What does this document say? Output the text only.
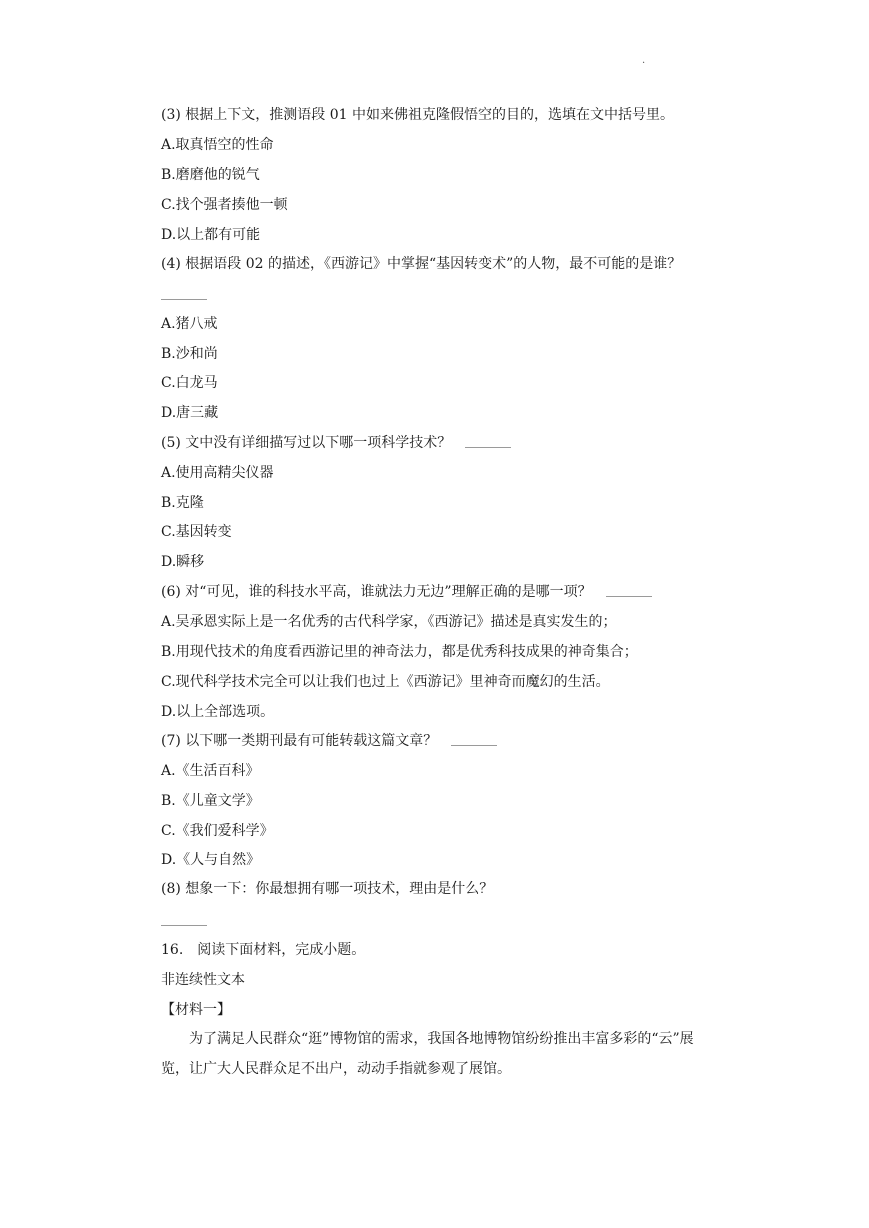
.
(3) 根据上下文，推测语段 01 中如来佛祖克隆假悟空的目的，选填在文中括号里。
A.取真悟空的性命
B.磨磨他的锐气
C.找个强者揍他一顿
D.以上都有可能
(4) 根据语段 02 的描述，《西游记》中掌握“基因转变术”的人物，最不可能的是谁？
A.猪八戒
B.沙和尚
C.白龙马
D.唐三藏
(5) 文中没有详细描写过以下哪一项科学技术？
A.使用高精尖仪器
B.克隆
C.基因转变
D.瞬移
(6) 对“可见，谁的科技水平高，谁就法力无边”理解正确的是哪一项？
A.吴承恩实际上是一名优秀的古代科学家，《西游记》描述是真实发生的；
B.用现代技术的角度看西游记里的神奇法力，都是优秀科技成果的神奇集合；
C.现代科学技术完全可以让我们也过上《西游记》里神奇而魔幻的生活。
D.以上全部选项。
(7) 以下哪一类期刊最有可能转载这篇文章？
A.《生活百科》
B.《儿童文学》
C.《我们爱科学》
D.《人与自然》
(8) 想象一下：你最想拥有哪一项技术，理由是什么？
16.　阅读下面材料，完成小题。
非连续性文本
【材料一】
为了满足人民群众“逛”博物馆的需求，我国各地博物馆纷纷推出丰富多彩的“云”展览，让广大人民群众足不出户，动动手指就参观了展馆。
